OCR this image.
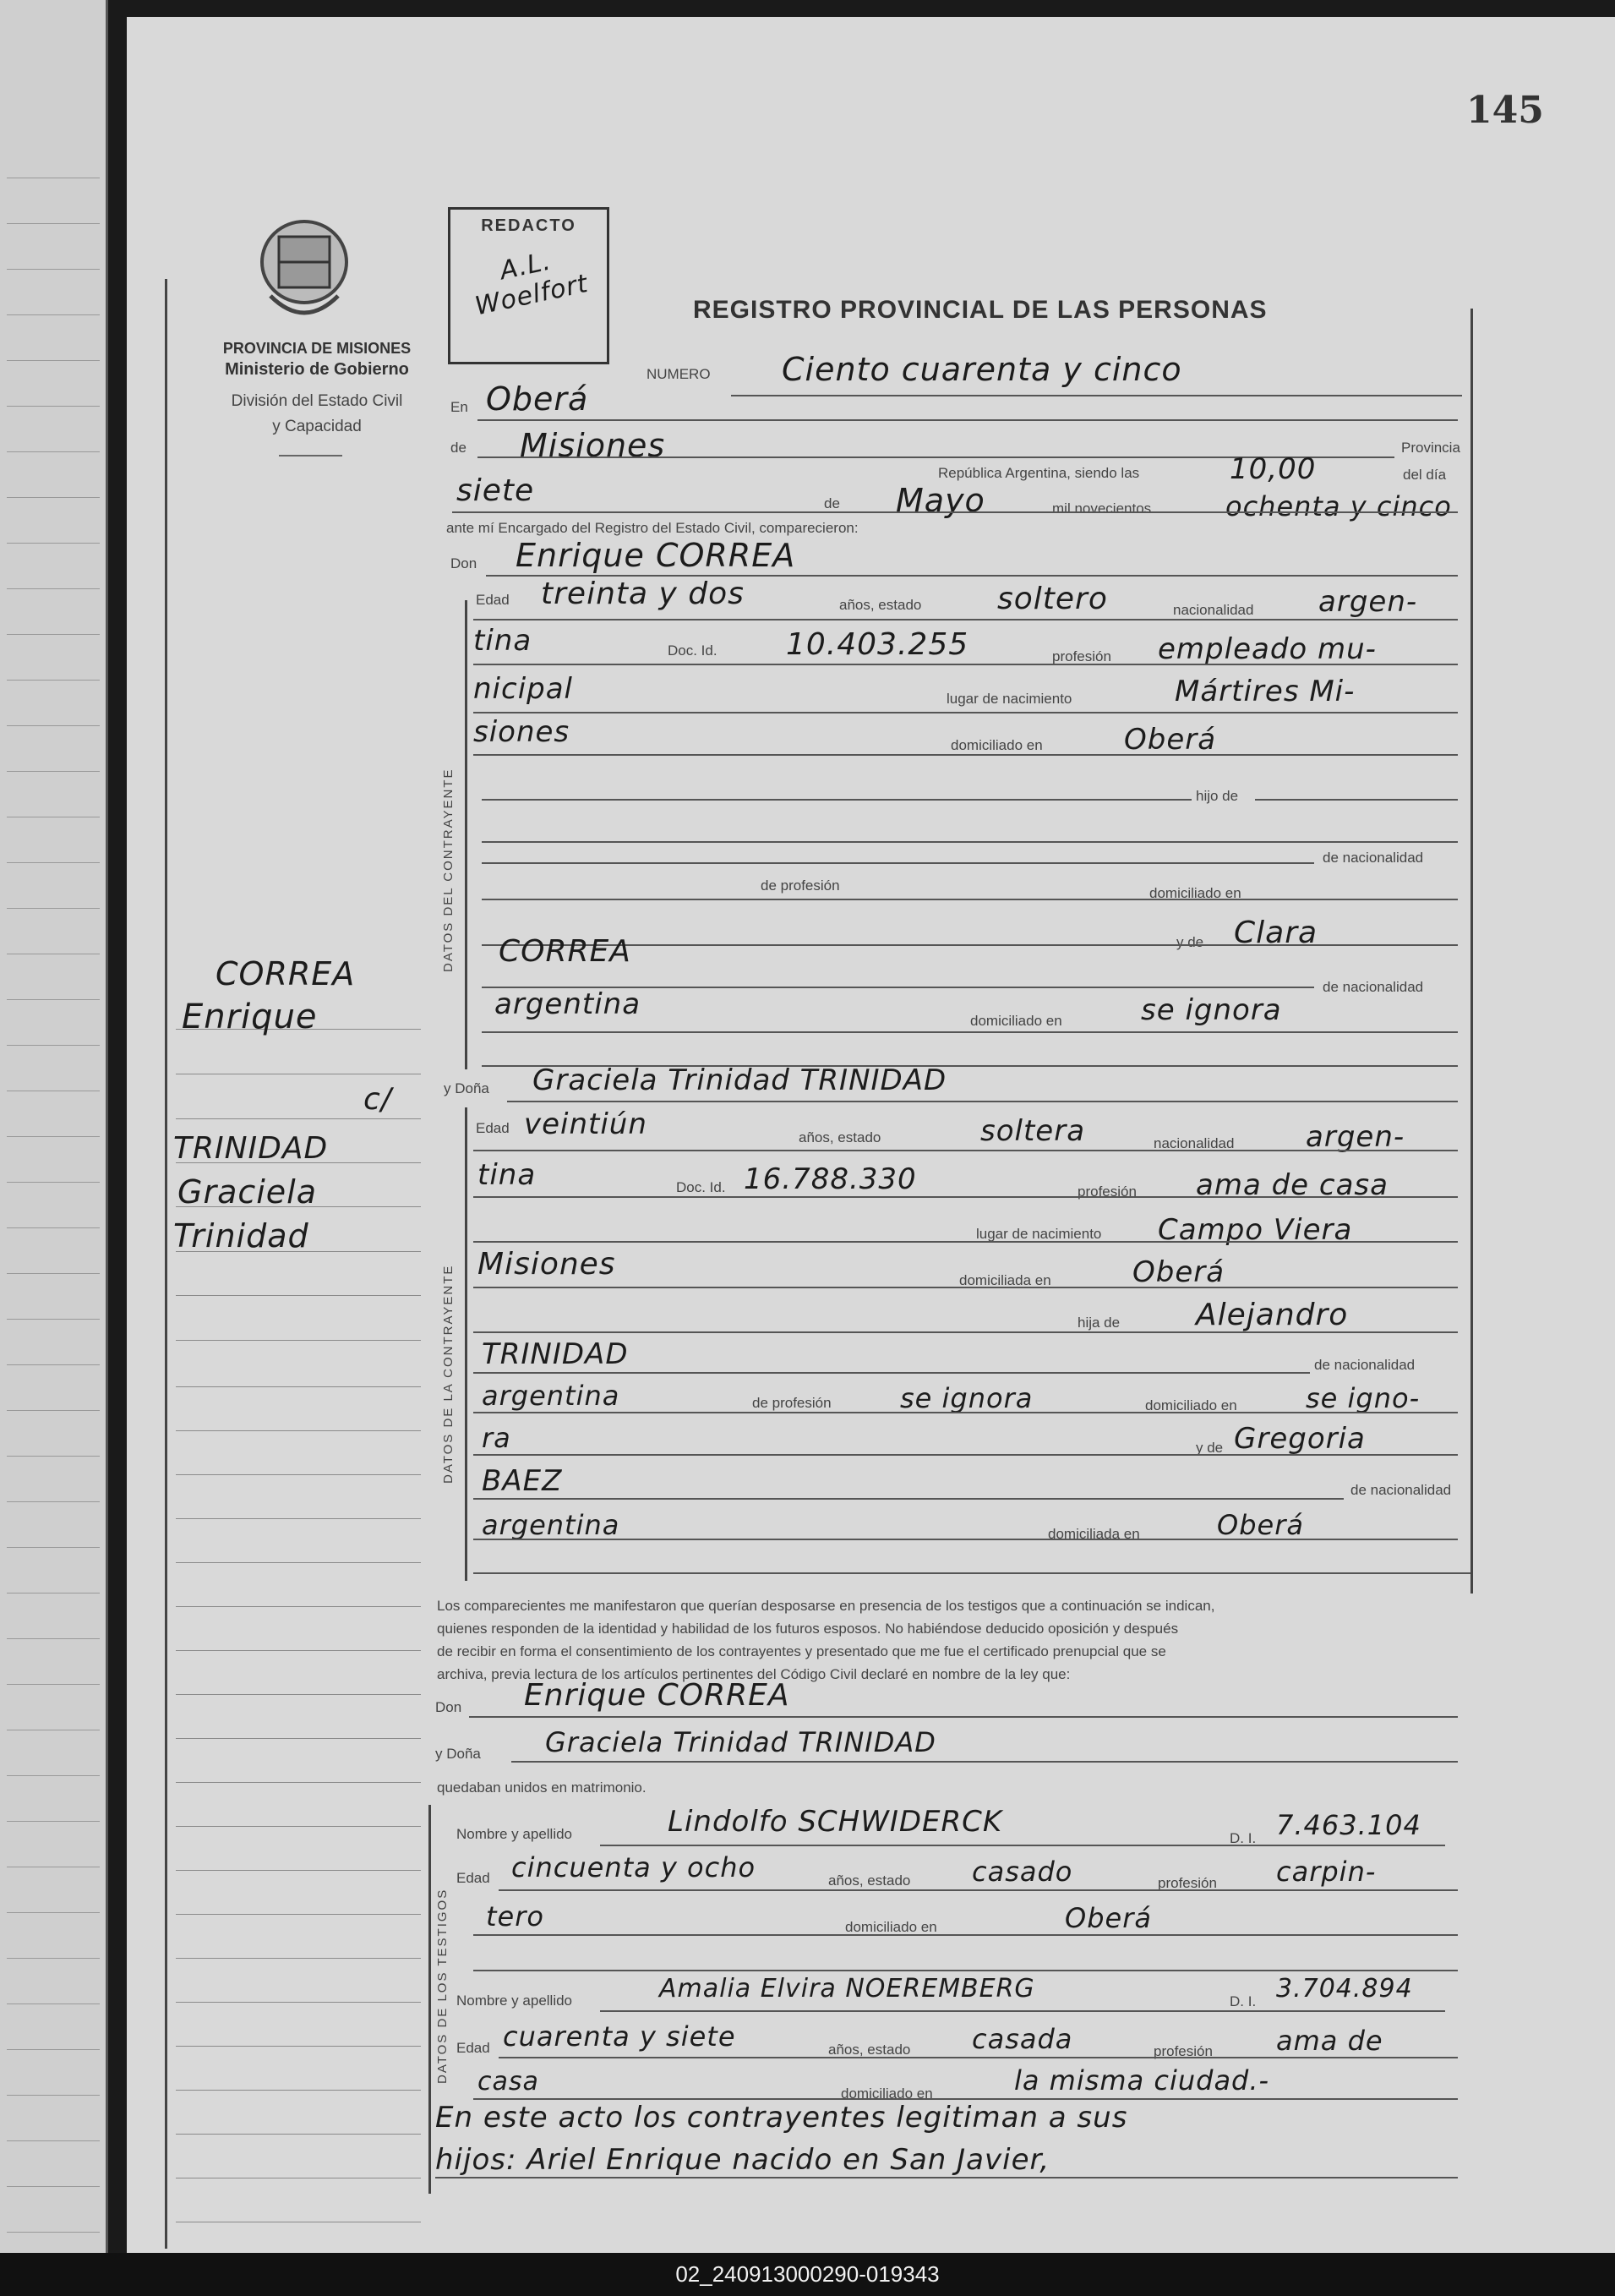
145
PROVINCIA DE MISIONES
Ministerio de Gobierno
División del Estado Civil
y Capacidad
CORREA
Enrique
c/
TRINIDAD
Graciela
Trinidad
REDACTO
A.L. Woelfort	REGISTRO PROVINCIAL DE LAS PERSONAS
NUMERO Ciento cuarenta y cinco
En Oberá
de Misiones	Provincia
República Argentina, siendo las	10,00	del día
siete	de Mayo	mil novecientos	ochenta y cinco
ante mí Encargado del Registro del Estado Civil, comparecieron:
Don Enrique CORREA
DATOS DEL CONTRAYENTE
Edad treinta y dos	años, estado soltero	nacionalidad argen-
tina	Doc. Id. 10.403.255	profesión empleado mu-
nicipal	lugar de nacimiento	Mártires Mi-
siones	domiciliado en	Oberá
hijo de
de nacionalidad
de profesión	domiciliado en
y de Clara
CORREA
de nacionalidad
argentina	domiciliado en	se ignora
y Doña Graciela Trinidad TRINIDAD
DATOS DE LA CONTRAYENTE
Edad veintiún	años, estado	soltera	nacionalidad argen-
tina	Doc. Id. 16.788.330	profesión ama de casa
lugar de nacimiento Campo Viera
Misiones	domiciliada en	Oberá
hija de Alejandro
TRINIDAD	de nacionalidad
argentina	de profesión	se ignora	domiciliado en	se igno-
ra	y de Gregoria
BAEZ	de nacionalidad
argentina	domiciliada en	Oberá
Los comparecientes me manifestaron que querían desposarse en presencia de los testigos que a continuación se indican,
quienes responden de la identidad y habilidad de los futuros esposos. No habiéndose deducido oposición y después
de recibir en forma el consentimiento de los contrayentes y presentado que me fue el certificado prenupcial que se
archiva, previa lectura de los artículos pertinentes del Código Civil declaré en nombre de la ley que:
Don Enrique CORREA
y Doña Graciela Trinidad TRINIDAD
quedaban unidos en matrimonio.
DATOS DE LOS TESTIGOS
Nombre y apellido	Lindolfo SCHWIDERCK	D. I. 7.463.104
Edad cincuenta y ocho	años, estado casado	profesión carpin-
tero	domiciliado en	Oberá
Nombre y apellido	Amalia Elvira NOEREMBERG	D. I. 3.704.894
Edad cuarenta y siete	años, estado casada	profesión ama de
casa	domiciliado en	la misma ciudad.-
En este acto los contrayentes legitiman a sus
hijos: Ariel Enrique nacido en San Javier,
02_240913000290-019343
